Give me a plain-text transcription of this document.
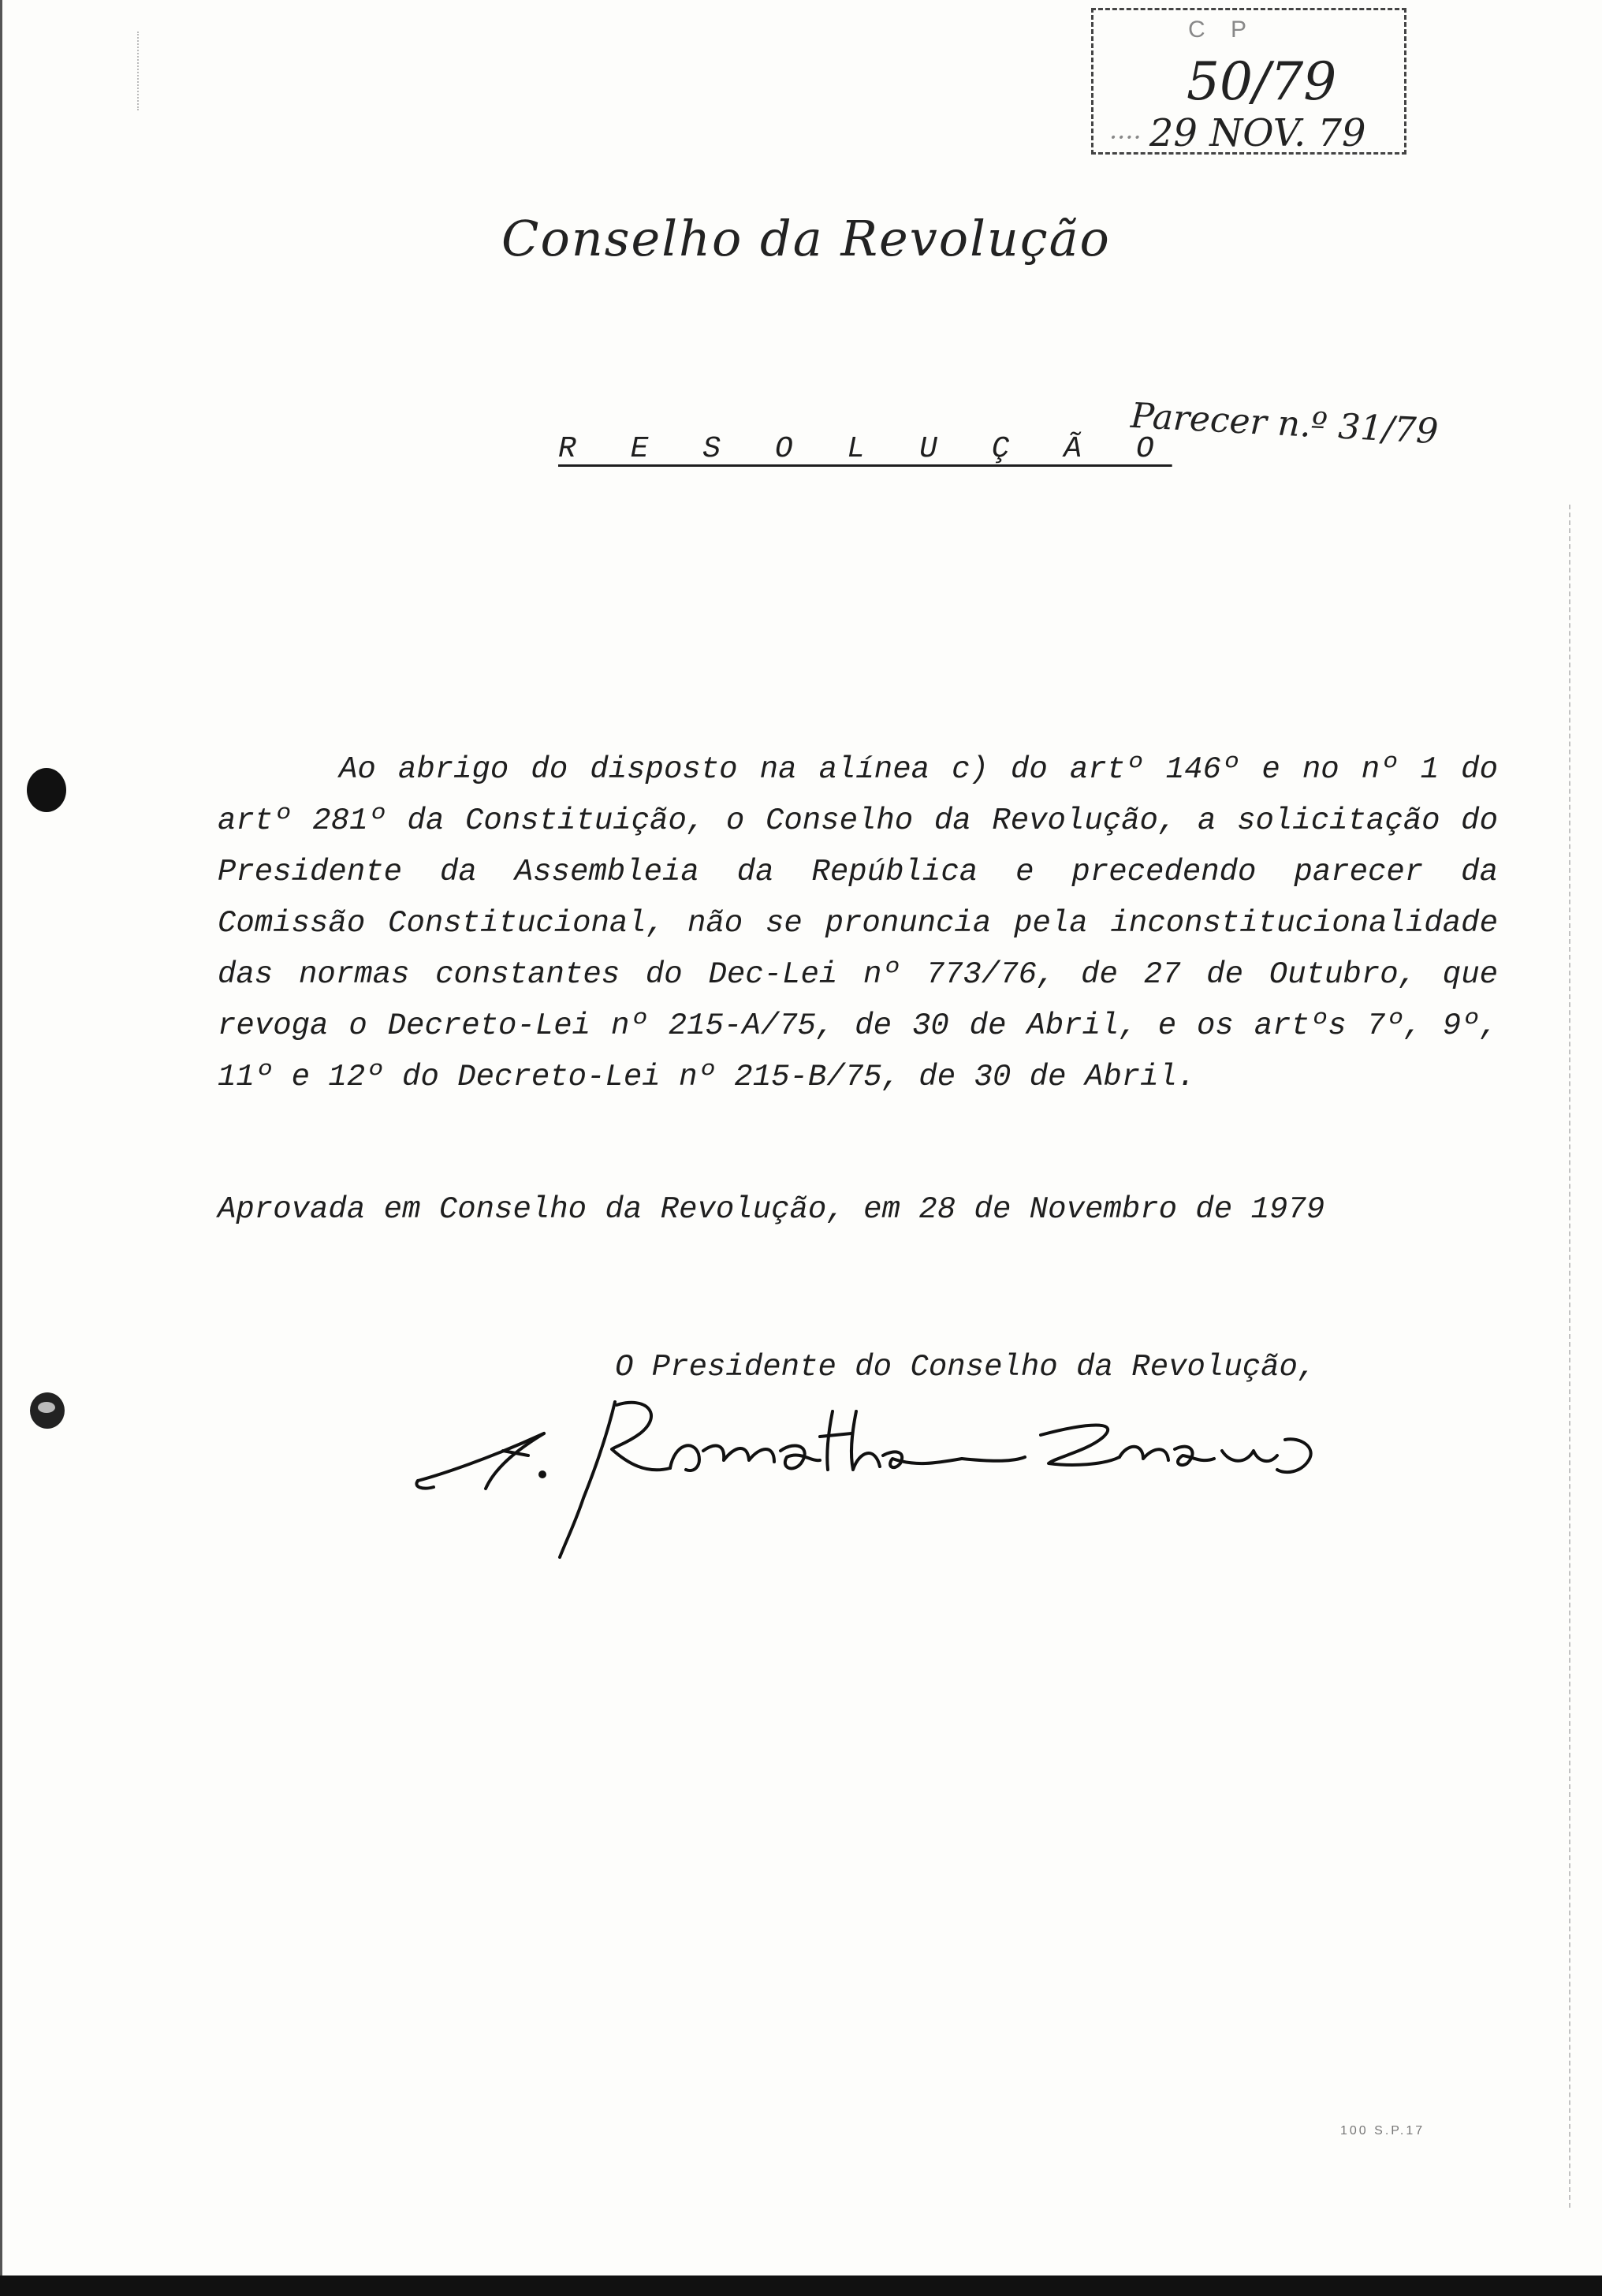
C P
50/79
···· 29 NOV. 79
Conselho da Revolução
R E S O L U Ç Ã O
Parecer n.º 31/79
Ao abrigo do disposto na alínea c) do artº 146º e no nº 1 do artº 281º da Constituição, o Conselho da Revolução, a solicitação do Presidente da Assembleia da República e precedendo parecer da Comissão Constitucional, não se pronuncia pela inconstitucionalidade das normas constantes do Dec-Lei nº 773/76, de 27 de Outubro, que revoga o Decreto-Lei nº 215-A/75, de 30 de Abril, e os artºs 7º, 9º, 11º e 12º do Decreto-Lei nº 215-B/75, de 30 de Abril.
Aprovada em Conselho da Revolução, em 28 de Novembro de 1979
O Presidente do Conselho da Revolução,
100 S.P.17
